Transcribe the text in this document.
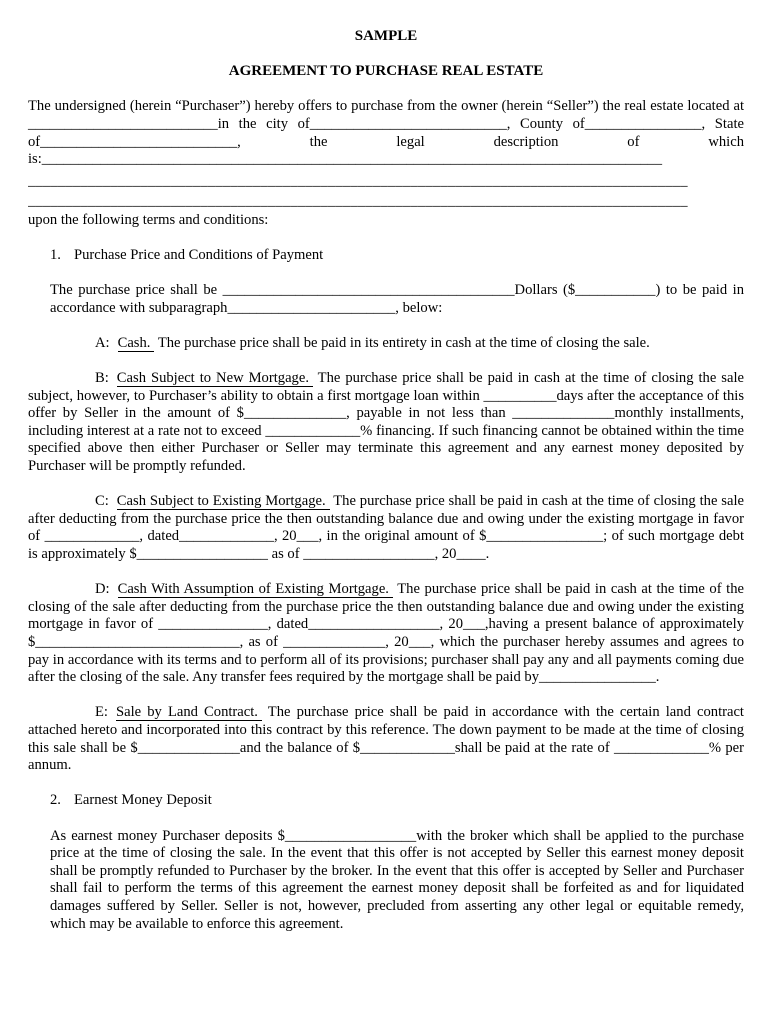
SAMPLE
AGREEMENT TO PURCHASE REAL ESTATE

The undersigned (herein “Purchaser”) hereby offers to purchase from the owner (herein “Seller”) the real estate located at __________________________in the city of___________________________, County of________________, State of___________________________, the legal description of which is:_____________________________________________________________________________________

________________________________________________________________________________________
________________________________________________________________________________________

upon the following terms and conditions:

1. Purchase Price and Conditions of Payment

The purchase price shall be ________________________________________Dollars ($___________) to be paid in accordance with subparagraph_______________________, below:

A: Cash. The purchase price shall be paid in its entirety in cash at the time of closing the sale.

B: Cash Subject to New Mortgage. The purchase price shall be paid in cash at the time of closing the sale subject, however, to Purchaser’s ability to obtain a first mortgage loan within __________days after the acceptance of this offer by Seller in the amount of $______________, payable in not less than ______________monthly installments, including interest at a rate not to exceed _____________% financing. If such financing cannot be obtained within the time specified above then either Purchaser or Seller may terminate this agreement and any earnest money deposited by Purchaser will be promptly refunded.

C: Cash Subject to Existing Mortgage. The purchase price shall be paid in cash at the time of closing the sale after deducting from the purchase price the then outstanding balance due and owing under the existing mortgage in favor of _____________, dated_____________, 20___, in the original amount of $________________; of such mortgage debt is approximately $__________________ as of __________________, 20____.

D: Cash With Assumption of Existing Mortgage. The purchase price shall be paid in cash at the time of the closing of the sale after deducting from the purchase price the then outstanding balance due and owing under the existing mortgage in favor of _______________, dated__________________, 20___,having a present balance of approximately $____________________________, as of ______________, 20___, which the purchaser hereby assumes and agrees to pay in accordance with its terms and to perform all of its provisions; purchaser shall pay any and all payments coming due after the closing of the sale. Any transfer fees required by the mortgage shall be paid by________________.

E: Sale by Land Contract. The purchase price shall be paid in accordance with the certain land contract attached hereto and incorporated into this contract by this reference. The down payment to be made at the time of closing this sale shall be $______________and the balance of $_____________shall be paid at the rate of _____________% per annum.

2. Earnest Money Deposit

As earnest money Purchaser deposits $__________________with the broker which shall be applied to the purchase price at the time of closing the sale. In the event that this offer is not accepted by Seller this earnest money deposit shall be promptly refunded to Purchaser by the broker. In the event that this offer is accepted by Seller and Purchaser shall fail to perform the terms of this agreement the earnest money deposit shall be forfeited as and for liquidated damages suffered by Seller. Seller is not, however, precluded from asserting any other legal or equitable remedy, which may be available to enforce this agreement.
